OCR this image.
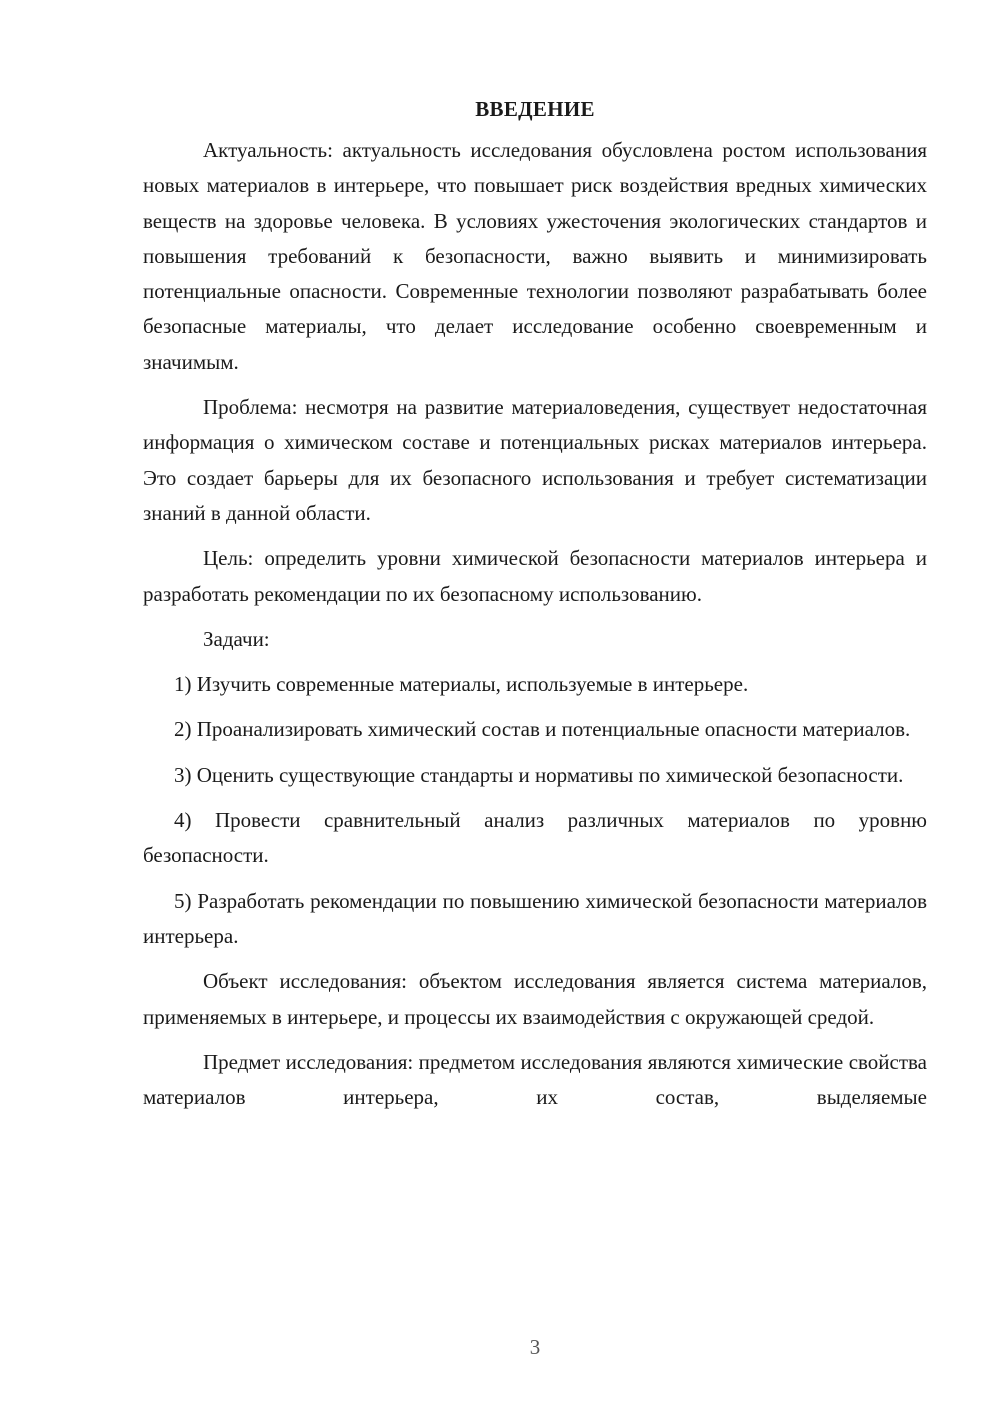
ВВЕДЕНИЕ

Актуальность: актуальность исследования обусловлена ростом использования новых материалов в интерьере, что повышает риск воздействия вредных химических веществ на здоровье человека. В условиях ужесточения экологических стандартов и повышения требований к безопасности, важно выявить и минимизировать потенциальные опасности. Современные технологии позволяют разрабатывать более безопасные материалы, что делает исследование особенно своевременным и значимым.

Проблема: несмотря на развитие материаловедения, существует недостаточная информация о химическом составе и потенциальных рисках материалов интерьера. Это создает барьеры для их безопасного использования и требует систематизации знаний в данной области.

Цель: определить уровни химической безопасности материалов интерьера и разработать рекомендации по их безопасному использованию.

Задачи:

1) Изучить современные материалы, используемые в интерьере.

2) Проанализировать химический состав и потенциальные опасности материалов.

3) Оценить существующие стандарты и нормативы по химической безопасности.

4) Провести сравнительный анализ различных материалов по уровню безопасности.

5) Разработать рекомендации по повышению химической безопасности материалов интерьера.

Объект исследования: объектом исследования является система материалов, применяемых в интерьере, и процессы их взаимодействия с окружающей средой.

Предмет исследования: предметом исследования являются химические свойства материалов интерьера, их состав, выделяемые

3
